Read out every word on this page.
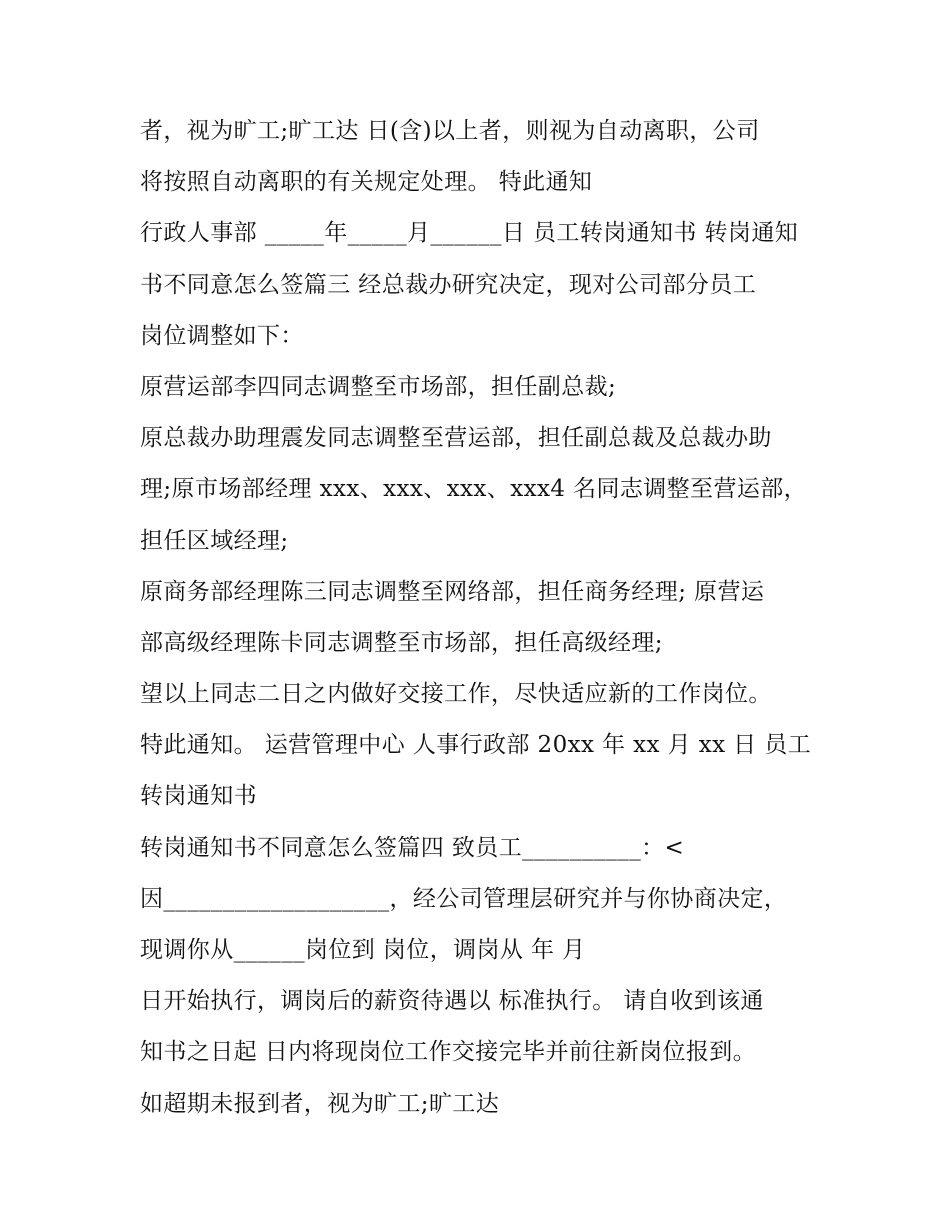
者，视为旷工;旷工达 日(含)以上者，则视为自动离职，公司
将按照自动离职的有关规定处理。 特此通知
行政人事部 _____年_____月______日 员工转岗通知书 转岗通知
书不同意怎么签篇三 经总裁办研究决定，现对公司部分员工
岗位调整如下：
原营运部李四同志调整至市场部，担任副总裁;
原总裁办助理震发同志调整至营运部，担任副总裁及总裁办助
理;原市场部经理 xxx、xxx、xxx、xxx4 名同志调整至营运部，
担任区域经理;
原商务部经理陈三同志调整至网络部，担任商务经理; 原营运
部高级经理陈卡同志调整至市场部，担任高级经理;
望以上同志二日之内做好交接工作，尽快适应新的工作岗位。
特此通知。 运营管理中心 人事行政部 20xx 年 xx 月 xx 日 员工
转岗通知书
转岗通知书不同意怎么签篇四 致员工__________：<
因___________________，经公司管理层研究并与你协商决定，
现调你从______岗位到 岗位，调岗从 年 月
日开始执行，调岗后的薪资待遇以 标准执行。 请自收到该通
知书之日起 日内将现岗位工作交接完毕并前往新岗位报到。
如超期未报到者，视为旷工;旷工达
